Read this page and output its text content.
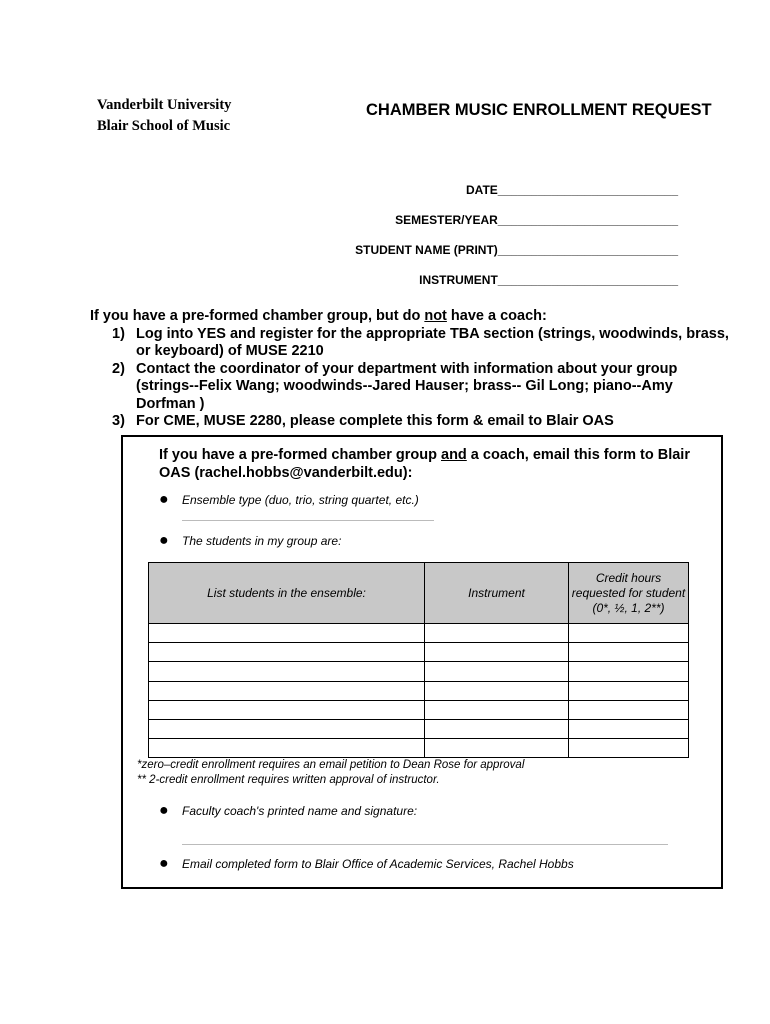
Vanderbilt University
Blair School of Music
CHAMBER MUSIC ENROLLMENT REQUEST
DATE___________________________
SEMESTER/YEAR___________________________
STUDENT NAME (PRINT)___________________________
INSTRUMENT___________________________
If you have a pre-formed chamber group, but do not have a coach:
1) Log into YES and register for the appropriate TBA section (strings, woodwinds, brass, or keyboard) of MUSE 2210
2) Contact the coordinator of your department with information about your group (strings--Felix Wang; woodwinds--Jared Hauser; brass-- Gil Long; piano--Amy Dorfman )
3) For CME, MUSE 2280, please complete this form & email to Blair OAS
If you have a pre-formed chamber group and a coach, email this form to Blair OAS (rachel.hobbs@vanderbilt.edu):
● Ensemble type (duo, trio, string quartet, etc.)
● The students in my group are:
List students in the ensemble:	Instrument	Credit hours requested for student (0*, ½, 1, 2**)

*zero–credit enrollment requires an email petition to Dean Rose for approval
** 2-credit enrollment requires written approval of instructor.
● Faculty coach's printed name and signature:
● Email completed form to Blair Office of Academic Services, Rachel Hobbs
